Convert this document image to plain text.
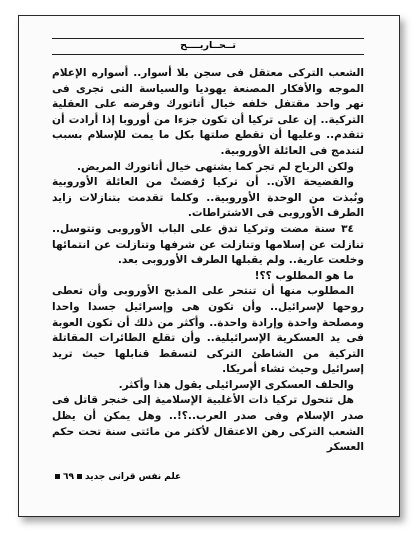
تــحــاريــــح

الشعب التركى معتقل فى سجن بلا أسوار.. أسواره الإعلام الموجه والأفكار المصنعة يهوديا والسياسة التى تجرى فى نهر واحد مقتفل خلفه خيال أتاتورك وفرضه على العقلية التركية.. إن على تركيا أن تكون جزءا من أوروبا إذا أرادت أن تتقدم.. وعليها أن تقطع صلتها بكل ما يمت للإسلام بسبب لتندمج فى العائلة الأوروبية.

ولكن الرياح لم تجر كما يشتهى خيال أتاتورك المريض.

والفضيحة الآن.. أن تركيا رُفضتْ من العائلة الأوروبية ونُبذت من الوحدة الأوروبية.. وكلما تقدمت بتنازلات زايد الطرف الأوروبى فى الاشتراطات.

٣٤ سنة مضت وتركيا تدق على الباب الأوروبى وتتوسل.. تنازلت عن إسلامها وتنازلت عن شرفها وتنازلت عن انتمائها وخلعت عارية.. ولم يقبلها الطرف الأوروبى بعد.

ما هو المطلوب ؟؟!

المطلوب منها أن تنتحر على المذبح الأوروبى وأن تعطى روحها لإسرائيل.. وأن تكون هى وإسرائيل جسدا واحدا ومصلحة واحدة وإرادة واحدة.. وأكثر من ذلك أن تكون العوبة فى يد العسكرية الإسرائيلية.. وأن تقلع الطائرات المقاتلة التركية من الشاطئ التركى لتسقط قنابلها حيث تريد إسرائيل وحيث تشاء أمريكا.

والحلف العسكرى الإسرائيلى يقول هذا وأكثر.

هل تتحول تركيا ذات الأغلبية الإسلامية إلى خنجر قاتل فى صدر الإسلام وفى صدر العرب..؟!.. وهل يمكن أن يظل الشعب التركى رهن الاعتقال لأكثر من مائتى سنة تحت حكم العسكر

علم نفس قرانى جديد٦٩
